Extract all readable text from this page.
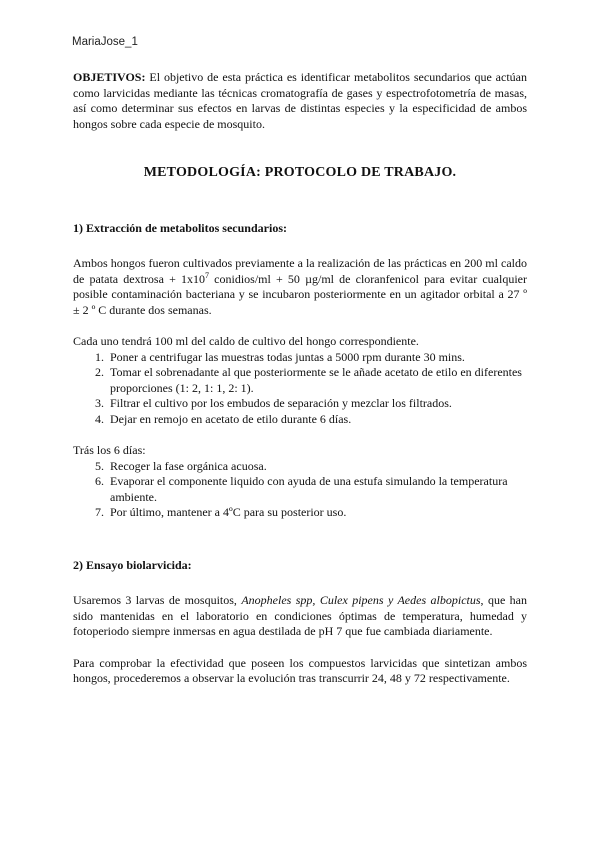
MariaJose_1

OBJETIVOS: El objetivo de esta práctica es identificar metabolitos secundarios que actúan como larvicidas mediante las técnicas cromatografía de gases y espectrofotometría de masas, así como determinar sus efectos en larvas de distintas especies y la especificidad de ambos hongos sobre cada especie de mosquito.

METODOLOGÍA: PROTOCOLO DE TRABAJO.

1) Extracción de metabolitos secundarios:

Ambos hongos fueron cultivados previamente a la realización de las prácticas en 200 ml caldo de patata dextrosa + $1x10^7$ conidios/ml + 50 µg/ml de cloranfenicol para evitar cualquier posible contaminación bacteriana y se incubaron posteriormente en un agitador orbital a 27 º ± 2 º C durante dos semanas.

Cada uno tendrá 100 ml del caldo de cultivo del hongo correspondiente.

1. Poner a centrifugar las muestras todas juntas a 5000 rpm durante 30 mins.
2. Tomar el sobrenadante al que posteriormente se le añade acetato de etilo en diferentes proporciones (1: 2, 1: 1, 2: 1).
3. Filtrar el cultivo por los embudos de separación y mezclar los filtrados.
4. Dejar en remojo en acetato de etilo durante 6 días.

Trás los 6 días:

5. Recoger la fase orgánica acuosa.
6. Evaporar el componente liquido con ayuda de una estufa simulando la temperatura ambiente.
7. Por último, mantener a 4ºC para su posterior uso.

2) Ensayo biolarvicida:

Usaremos 3 larvas de mosquitos, Anopheles spp, Culex pipens y Aedes albopictus, que han sido mantenidas en el laboratorio en condiciones óptimas de temperatura, humedad y fotoperiodo siempre inmersas en agua destilada de pH 7 que fue cambiada diariamente.

Para comprobar la efectividad que poseen los compuestos larvicidas que sintetizan ambos hongos, procederemos a observar la evolución tras transcurrir 24, 48 y 72 respectivamente.
